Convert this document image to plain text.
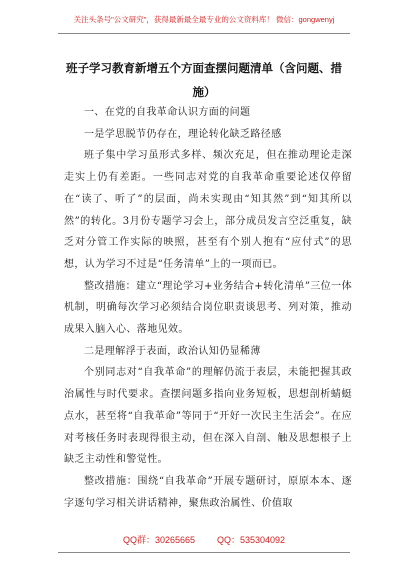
关注头条号"公文研究"，获得最新最全最专业的公文资料库！ 微信：gongwenyj
班子学习教育新增五个方面查摆问题清单（含问题、措施）

一、在党的自我革命认识方面的问题

一是学思脱节仍存在，理论转化缺乏路径感

班子集中学习虽形式多样、频次充足，但在推动理论走深走实上仍有差距。一些同志对党的自我革命重要论述仅停留在“读了、听了”的层面，尚未实现由“知其然”到“知其所以然”的转化。3月份专题学习会上，部分成员发言空泛重复，缺乏对分管工作实际的映照，甚至有个别人抱有“应付式”的思想，认为学习不过是“任务清单”上的一项而已。

整改措施：建立“理论学习+业务结合+转化清单”三位一体机制，明确每次学习必须结合岗位职责谈思考、列对策，推动成果入脑入心、落地见效。

二是理解浮于表面，政治认知仍显稀薄

个别同志对“自我革命”的理解仍流于表层，未能把握其政治属性与时代要求。查摆问题多指向业务短板，思想剖析蜻蜓点水，甚至将“自我革命”等同于“开好一次民主生活会”。在应对考核任务时表现得很主动，但在深入自剖、触及思想根子上缺乏主动性和警觉性。

整改措施：围绕“自我革命”开展专题研讨，原原本本、逐字逐句学习相关讲话精神，聚焦政治属性、价值取

QQ群：30265665 QQ：535304092
